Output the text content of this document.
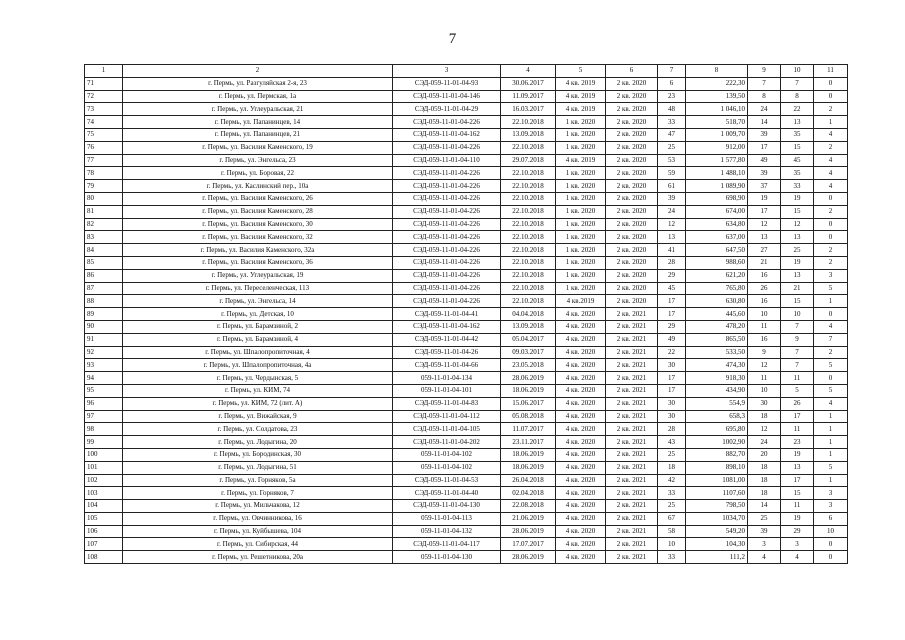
7
1	2	3	4	5	6	7	8	9	10	11
71	г. Пермь, ул. Разгуляйская 2-я, 23	СЭД-059-11-01-04-93	30.06.2017	4 кв. 2019	2 кв. 2020	6	222,30	7	7	0
72	г. Пермь, ул. Пермская, 1а	СЭД-059-11-01-04-146	11.09.2017	4 кв. 2019	2 кв. 2020	23	139,50	8	8	0
73	г. Пермь, ул. Углеуральская, 21	СЭД-059-11-01-04-29	16.03.2017	4 кв. 2019	2 кв. 2020	48	1 046,10	24	22	2
74	г. Пермь, ул. Папанинцев, 14	СЭД-059-11-01-04-226	22.10.2018	1 кв. 2020	2 кв. 2020	33	518,70	14	13	1
75	г. Пермь, ул. Папанинцев, 21	СЭД-059-11-01-04-162	13.09.2018	1 кв. 2020	2 кв. 2020	47	1 009,70	39	35	4
76	г. Пермь, ул. Василия Каменского, 19	СЭД-059-11-01-04-226	22.10.2018	1 кв. 2020	2 кв. 2020	25	912,00	17	15	2
77	г. Пермь, ул. Энгельса, 23	СЭД-059-11-01-04-110	29.07.2018	4 кв. 2019	2 кв. 2020	53	1 577,80	49	45	4
78	г. Пермь, ул. Боровая, 22	СЭД-059-11-01-04-226	22.10.2018	1 кв. 2020	2 кв. 2020	59	1 488,10	39	35	4
79	г. Пермь, ул. Каслинский пер., 10а	СЭД-059-11-01-04-226	22.10.2018	1 кв. 2020	2 кв. 2020	61	1 089,90	37	33	4
80	г. Пермь, ул. Василия Каменского, 26	СЭД-059-11-01-04-226	22.10.2018	1 кв. 2020	2 кв. 2020	39	698,90	19	19	0
81	г. Пермь, ул. Василия Каменского, 28	СЭД-059-11-01-04-226	22.10.2018	1 кв. 2020	2 кв. 2020	24	674,00	17	15	2
82	г. Пермь, ул. Василия Каменского, 30	СЭД-059-11-01-04-226	22.10.2018	1 кв. 2020	2 кв. 2020	12	634,80	12	12	0
83	г. Пермь, ул. Василия Каменского, 32	СЭД-059-11-01-04-226	22.10.2018	1 кв. 2020	2 кв. 2020	13	637,00	13	13	0
84	г. Пермь, ул. Василия Каменского, 32а	СЭД-059-11-01-04-226	22.10.2018	1 кв. 2020	2 кв. 2020	41	647,50	27	25	2
85	г. Пермь, ул. Василия Каменского, 36	СЭД-059-11-01-04-226	22.10.2018	1 кв. 2020	2 кв. 2020	28	988,60	21	19	2
86	г. Пермь, ул. Углеуральская, 19	СЭД-059-11-01-04-226	22.10.2018	1 кв. 2020	2 кв. 2020	29	621,20	16	13	3
87	г. Пермь, ул. Переселенческая, 113	СЭД-059-11-01-04-226	22.10.2018	1 кв. 2020	2 кв. 2020	45	765,80	26	21	5
88	г. Пермь, ул. Энгельса, 14	СЭД-059-11-01-04-226	22.10.2018	4 кв.2019	2 кв. 2020	17	630,80	16	15	1
89	г. Пермь, ул. Детская, 10	СЭД-059-11-01-04-41	04.04.2018	4 кв. 2020	2 кв. 2021	17	445,60	10	10	0
90	г. Пермь, ул. Барамзиной, 2	СЭД-059-11-01-04-162	13.09.2018	4 кв. 2020	2 кв. 2021	29	478,20	11	7	4
91	г. Пермь, ул. Барамзиной, 4	СЭД-059-11-01-04-42	05.04.2017	4 кв. 2020	2 кв. 2021	49	865,50	16	9	7
92	г. Пермь, ул. Шпалопропиточная, 4	СЭД-059-11-01-04-26	09.03.2017	4 кв. 2020	2 кв. 2021	22	533,50	9	7	2
93	г. Пермь, ул. Шпалопропиточная, 4а	СЭД-059-11-01-04-66	23.05.2018	4 кв. 2020	2 кв. 2021	30	474,30	12	7	5
94	г. Пермь, ул. Чердынская, 5	059-11-01-04-134	28.06.2019	4 кв. 2020	2 кв. 2021	17	918,30	11	11	0
95	г. Пермь, ул. КИМ, 74	059-11-01-04-101	18.06.2019	4 кв. 2020	2 кв. 2021	17	434,90	10	5	5
96	г. Пермь, ул. КИМ, 72 (лит. А)	СЭД-059-11-01-04-83	15.06.2017	4 кв. 2020	2 кв. 2021	30	554,9	30	26	4
97	г. Пермь, ул. Вижайская, 9	СЭД-059-11-01-04-112	05.08.2018	4 кв. 2020	2 кв. 2021	30	658,3	18	17	1
98	г. Пермь, ул. Солдатова, 23	СЭД-059-11-01-04-105	11.07.2017	4 кв. 2020	2 кв. 2021	28	695,80	12	11	1
99	г. Пермь, ул. Лодыгина, 20	СЭД-059-11-01-04-202	23.11.2017	4 кв. 2020	2 кв. 2021	43	1002,90	24	23	1
100	г. Пермь, ул. Бородинская, 30	059-11-01-04-102	18.06.2019	4 кв. 2020	2 кв. 2021	25	882,70	20	19	1
101	г. Пермь, ул. Лодыгина, 51	059-11-01-04-102	18.06.2019	4 кв. 2020	2 кв. 2021	18	898,10	18	13	5
102	г. Пермь, ул. Горнякoв, 5а	СЭД-059-11-01-04-53	26.04.2018	4 кв. 2020	2 кв. 2021	42	1081,00	18	17	1
103	г. Пермь, ул. Горняков, 7	СЭД-059-11-01-04-40	02.04.2018	4 кв. 2020	2 кв. 2021	33	1107,60	18	15	3
104	г. Пермь, ул. Мильчакова, 12	СЭД-059-11-01-04-130	22.08.2018	4 кв. 2020	2 кв. 2021	25	798,50	14	11	3
105	г. Пермь, ул. Овчинникова, 16	059-11-01-04-113	21.06.2019	4 кв. 2020	2 кв. 2021	67	1034,70	25	19	6
106	г. Пермь, ул. Куйбышева, 104	059-11-01-04-132	28.06.2019	4 кв. 2020	2 кв. 2021	58	549,20	39	29	10
107	г. Пермь, ул. Сибирская, 44	СЭД-059-11-01-04-117	17.07.2017	4 кв. 2020	2 кв. 2021	10	104,30	3	3	0
108	г. Пермь, ул. Решетникова, 20а	059-11-01-04-130	28.06.2019	4 кв. 2020	2 кв. 2021	33	111,2	4	4	0
